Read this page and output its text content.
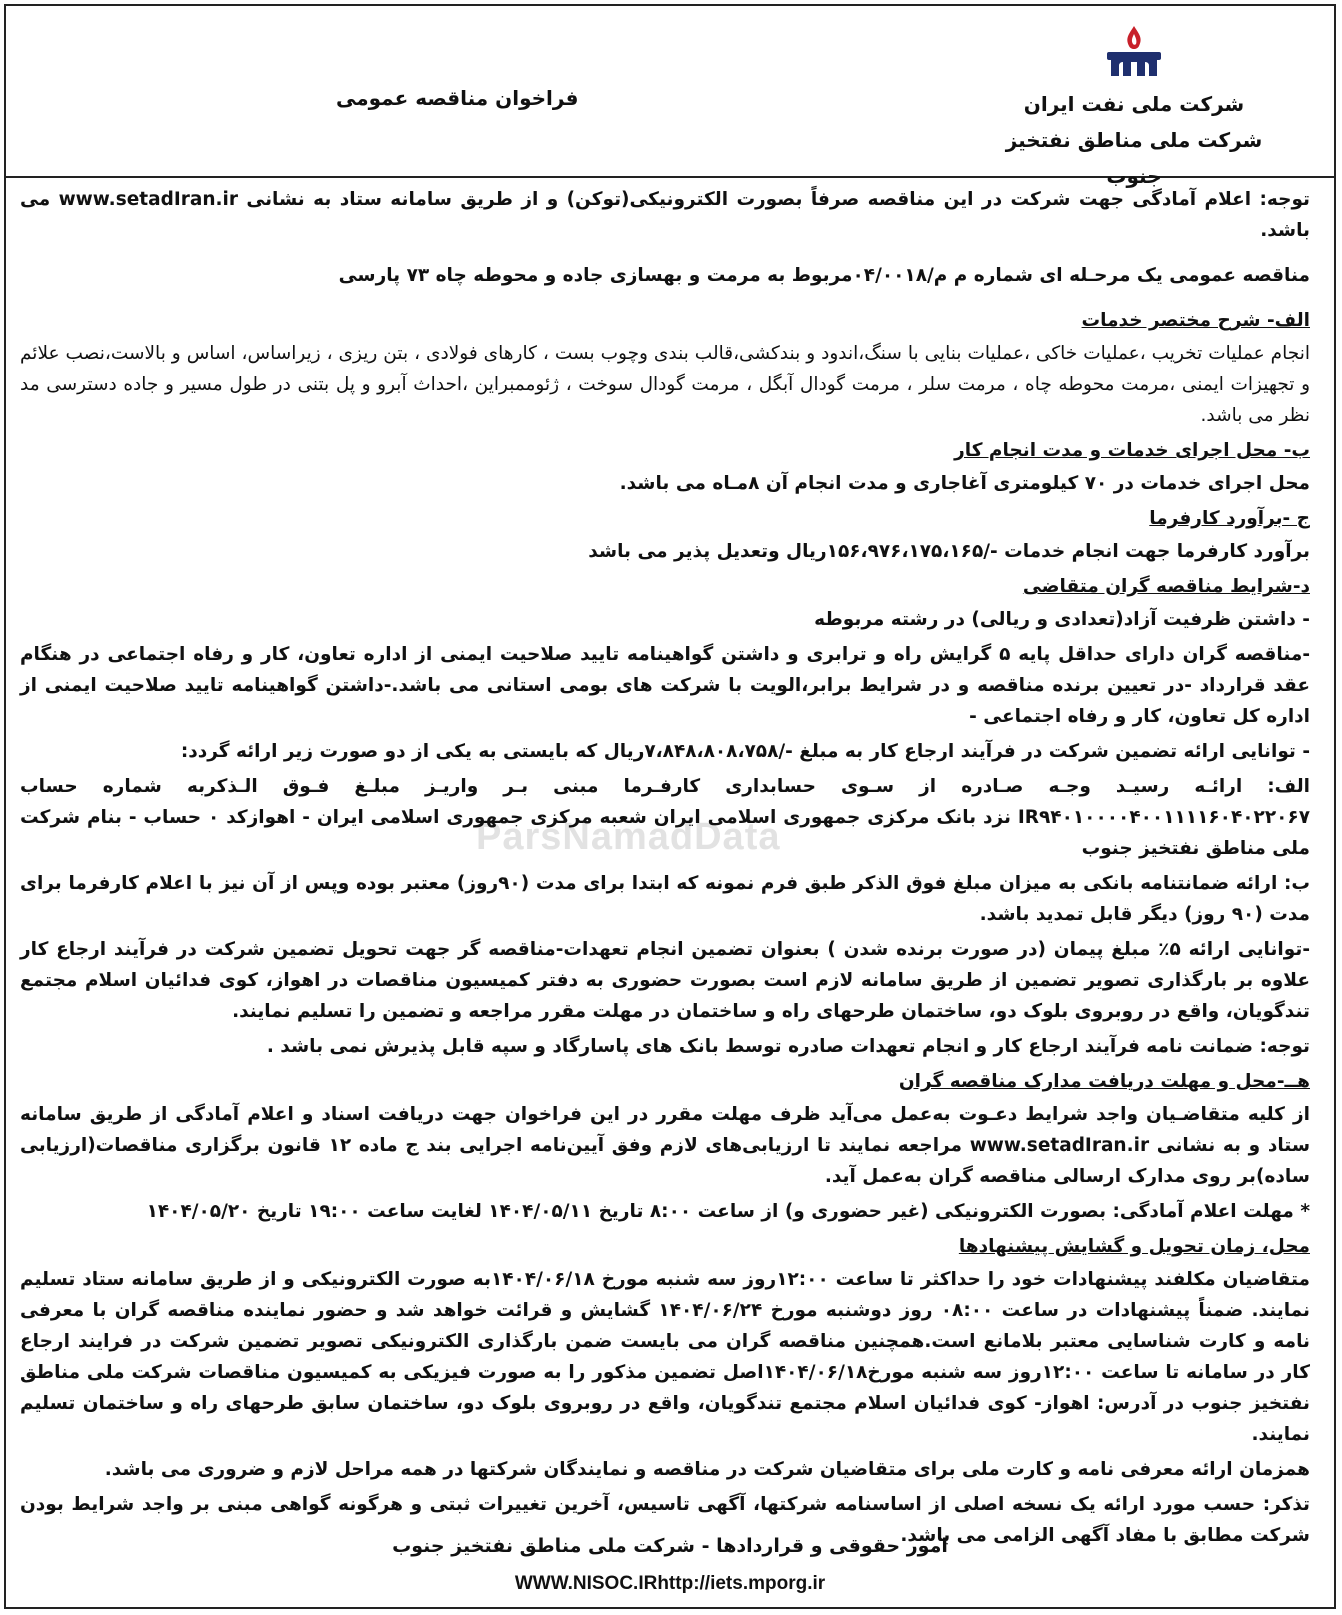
شرکت ملی نفت ایران
شرکت ملی مناطق نفتخیز جنوب
فراخوان مناقصه عمومی
ParsNamadData

توجه: اعلام آمادگی جهت شرکت در این مناقصه صرفاً بصورت الکترونیکی(توکن) و از طریق سامانه ستاد به نشانی www.setadIran.ir می باشد.

مناقصه عمومی یک مرحـله ای شماره م م/۰۴/۰۰۱۸مربوط به مرمت و بهسازی جاده و محوطه چاه ۷۳ پارسی

الف- شرح مختصر خدمات

انجام عملیات تخریب ،عملیات خاکی ،عملیات بنایی با سنگ،اندود و بندکشی،قالب بندی وچوب بست ، کارهای فولادی ، بتن ریزی ، زیراساس، اساس و بالاست،نصب علائم و تجهیزات ایمنی ،مرمت محوطه چاه ، مرمت سلر ، مرمت گودال آبگل ، مرمت گودال سوخت ، ژئوممبراین ،احداث آبرو و پل بتنی در طول مسیر و جاده دسترسی مد نظر می باشد.

ب- محل اجرای خدمات و مدت انجام کار

محل اجرای خدمات در ۷۰ کیلومتری آغاجاری و مدت انجام آن ۸مـاه می باشد.

ج -برآورد کارفرما

برآورد کارفرما جهت انجام خدمات -/۱۵۶،۹۷۶،۱۷۵،۱۶۵ریال وتعدیل پذیر می باشد

د-شرایط مناقصه گران متقاضی

- داشتن ظرفیت آزاد(تعدادی و ریالی) در رشته مربوطه

-مناقصه گران دارای حداقل پایه ۵ گرایش راه و ترابری و داشتن گواهینامه تایید صلاحیت ایمنی از اداره تعاون، کار و رفاه اجتماعی در هنگام عقد قرارداد -در تعیین برنده مناقصه و در شرایط برابر،الویت با شرکت های بومی استانی می باشد.-داشتن گواهینامه تایید صلاحیت ایمنی از اداره کل تعاون، کار و رفاه اجتماعی -

- توانایی ارائه تضمین شرکت در فرآیند ارجاع کار به مبلغ -/۷،۸۴۸،۸۰۸،۷۵۸ریال که بایستی به یکی از دو صورت زیر ارائه گردد:

الف: ارائـه رسیـد وجـه صـادره از سـوی حسابداری کارفـرما مبنی بـر واریـز مبلـغ فـوق الـذکربه شماره حساب IR۹۴۰۱۰۰۰۰۴۰۰۱۱۱۱۶۰۴۰۲۲۰۶۷ نزد بانک مرکزی جمهوری اسلامی ایران شعبه مرکزی جمهوری اسلامی ایران - اهوازکد ۰ حساب - بنام شرکت ملی مناطق نفتخیز جنوب

ب: ارائه ضمانتنامه بانکی به میزان مبلغ فوق الذکر طبق فرم نمونه که ابتدا برای مدت (۹۰روز) معتبر بوده وپس از آن نیز با اعلام کارفرما برای مدت (۹۰ روز) دیگر قابل تمدید باشد.

-توانایی ارائه ۵٪ مبلغ پیمان (در صورت برنده شدن ) بعنوان تضمین انجام تعهدات-مناقصه گر جهت تحویل تضمین شرکت در فرآیند ارجاع کار علاوه بر بارگذاری تصویر تضمین از طریق سامانه لازم است بصورت حضوری به دفتر کمیسیون مناقصات در اهواز، کوی فدائیان اسلام مجتمع تندگویان، واقع در روبروی بلوک دو، ساختمان طرحهای راه و ساختمان در مهلت مقرر مراجعه و تضمین را تسلیم نمایند.

توجه: ضمانت نامه فرآیند ارجاع کار و انجام تعهدات صادره توسط بانک های پاسارگاد و سپه قابل پذیرش نمی باشد .

هــ-محل و مهلت دریافت مدارک مناقصه گران

از کلیه متقاضـیان واجد شرایط دعـوت به‌عمل می‌آید ظرف مهلت مقرر در این فراخوان جهت دریافت اسناد و اعلام آمادگی از طریق سامانه ستاد و به نشانی www.setadIran.ir مراجعه نمایند تا ارزیابی‌های لازم وفق آیین‌نامه اجرایی بند ج ماده ۱۲ قانون برگزاری مناقصات(ارزیابی ساده)بر روی مدارک ارسالی مناقصه گران به‌عمل آید.

* مهلت اعلام آمادگی: بصورت الکترونیکی (غیر حضوری و) از ساعت ۸:۰۰ تاریخ ۱۴۰۴/۰۵/۱۱ لغایت ساعت ۱۹:۰۰ تاریخ ۱۴۰۴/۰۵/۲۰

محل، زمان تحویل و گشایش پیشنهادها

متقاضیان مکلفند پیشنهادات خود را حداکثر تا ساعت ۱۲:۰۰روز سه شنبه مورخ ۱۴۰۴/۰۶/۱۸به صورت الکترونیکی و از طریق سامانه ستاد تسلیم نمایند. ضمناً پیشنهادات در ساعت ۰۸:۰۰ روز دوشنبه مورخ ۱۴۰۴/۰۶/۲۴ گشایش و قرائت خواهد شد و حضور نماینده مناقصه گران با معرفی نامه و کارت شناسایی معتبر بلامانع است.همچنین مناقصه گران می بایست ضمن بارگذاری الکترونیکی تصویر تضمین شرکت در فرایند ارجاع کار در سامانه تا ساعت ۱۲:۰۰روز سه شنبه مورخ۱۴۰۴/۰۶/۱۸اصل تضمین مذکور را به صورت فیزیکی به کمیسیون مناقصات شرکت ملی مناطق نفتخیز جنوب در آدرس: اهواز- کوی فدائیان اسلام مجتمع تندگویان، واقع در روبروی بلوک دو، ساختمان سابق طرحهای راه و ساختمان تسلیم نمایند.

همزمان ارائه معرفی نامه و کارت ملی برای متقاضیان شرکت در مناقصه و نمایندگان شرکتها در همه مراحل لازم و ضروری می باشد.

تذکر: حسب مورد ارائه یک نسخه اصلی از اساسنامه شرکتها، آگهی تاسیس، آخرین تغییرات ثبتی و هرگونه گواهی مبنی بر واجد شرایط بودن شرکت مطابق با مفاد آگهی الزامی می باشد.

امور حقوقی و قراردادها - شرکت ملی مناطق نفتخیز جنوب
WWW.NISOC.IRhttp://iets.mporg.ir
